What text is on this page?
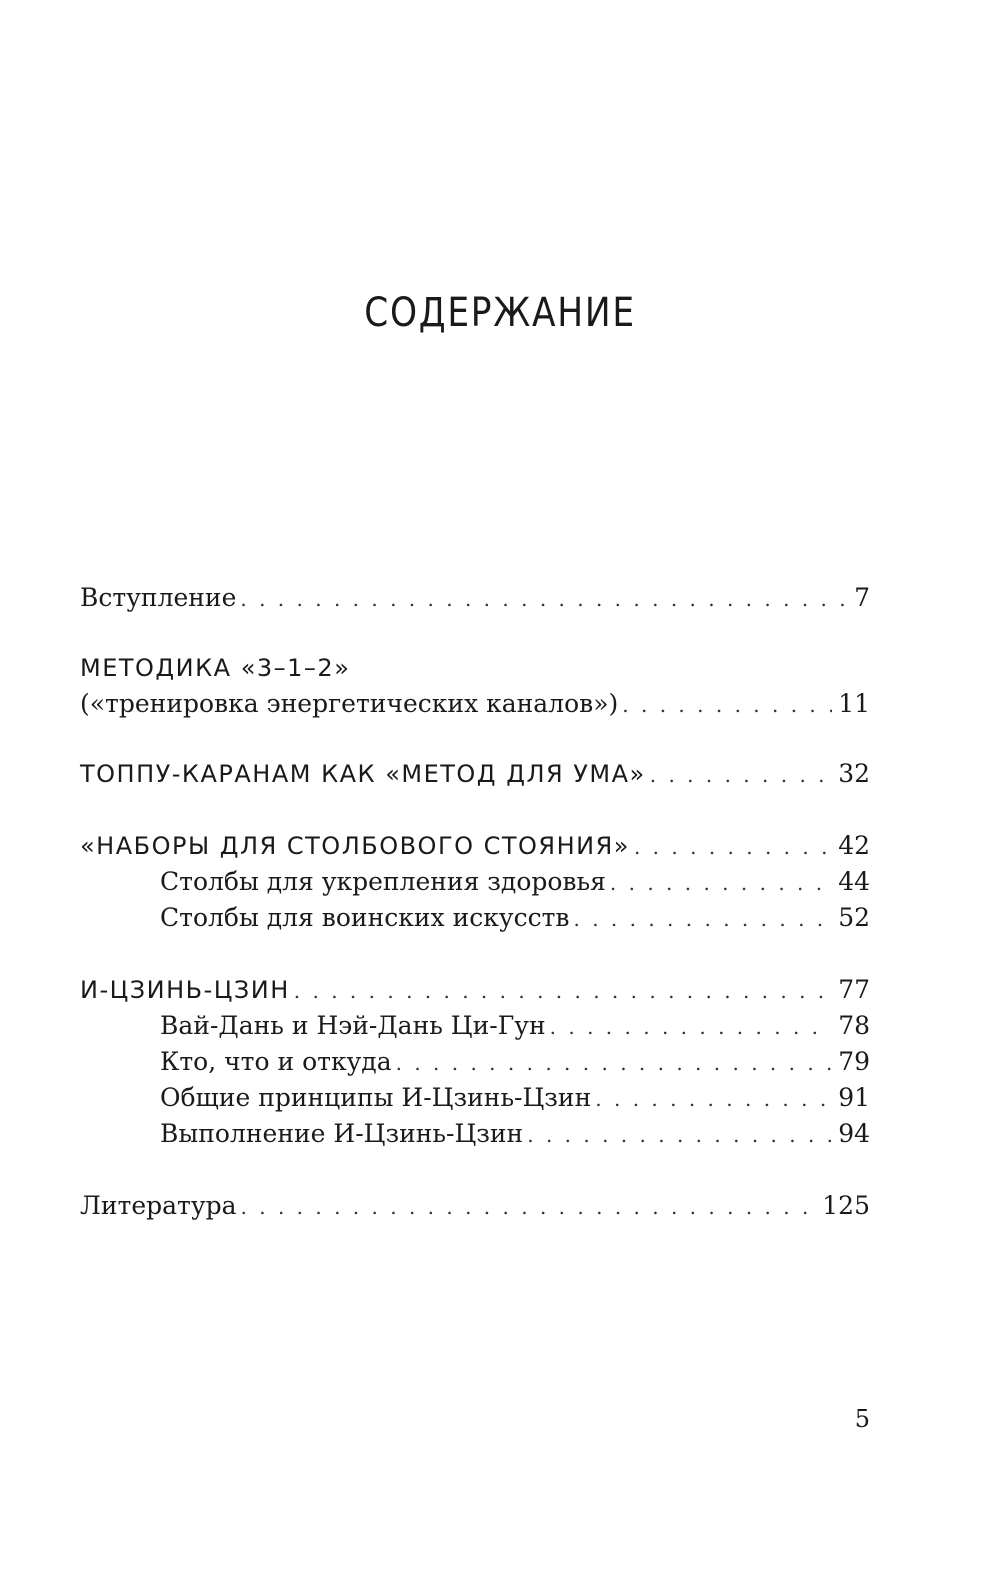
СОДЕРЖАНИЕ
Вступление . . .	7
МЕТОДИКА «3–1–2»
(«тренировка энергетических каналов») . . .	11
ТОППУ-КАРАНАМ КАК «МЕТОД ДЛЯ УМА» . . .	32
«НАБОРЫ ДЛЯ СТОЛБОВОГО СТОЯНИЯ» . . .	42
Столбы для укрепления здоровья . . .	44
Столбы для воинских искусств . . .	52
И-ЦЗИНЬ-ЦЗИН . . .	77
Вай-Дань и Нэй-Дань Ци-Гун . . .	78
Кто, что и откуда . . .	79
Общие принципы И-Цзинь-Цзин . . .	91
Выполнение И-Цзинь-Цзин . . .	94
Литература . . .	125
5
